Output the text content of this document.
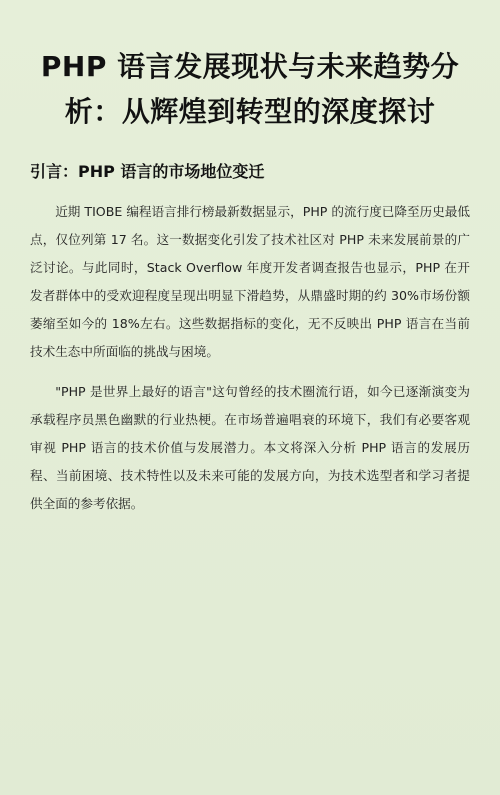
PHP 语言发展现状与未来趋势分析：从辉煌到转型的深度探讨
引言：PHP 语言的市场地位变迁

近期 TIOBE 编程语言排行榜最新数据显示，PHP 的流行度已降至历史最低点，仅位列第 17 名。这一数据变化引发了技术社区对 PHP 未来发展前景的广泛讨论。与此同时，Stack Overflow 年度开发者调查报告也显示，PHP 在开发者群体中的受欢迎程度呈现出明显下滑趋势，从鼎盛时期的约 30%市场份额萎缩至如今的 18%左右。这些数据指标的变化，无不反映出 PHP 语言在当前技术生态中所面临的挑战与困境。

"PHP 是世界上最好的语言"这句曾经的技术圈流行语，如今已逐渐演变为承载程序员黑色幽默的行业热梗。在市场普遍唱衰的环境下，我们有必要客观审视 PHP 语言的技术价值与发展潜力。本文将深入分析 PHP 语言的发展历程、当前困境、技术特性以及未来可能的发展方向，为技术选型者和学习者提供全面的参考依据。
